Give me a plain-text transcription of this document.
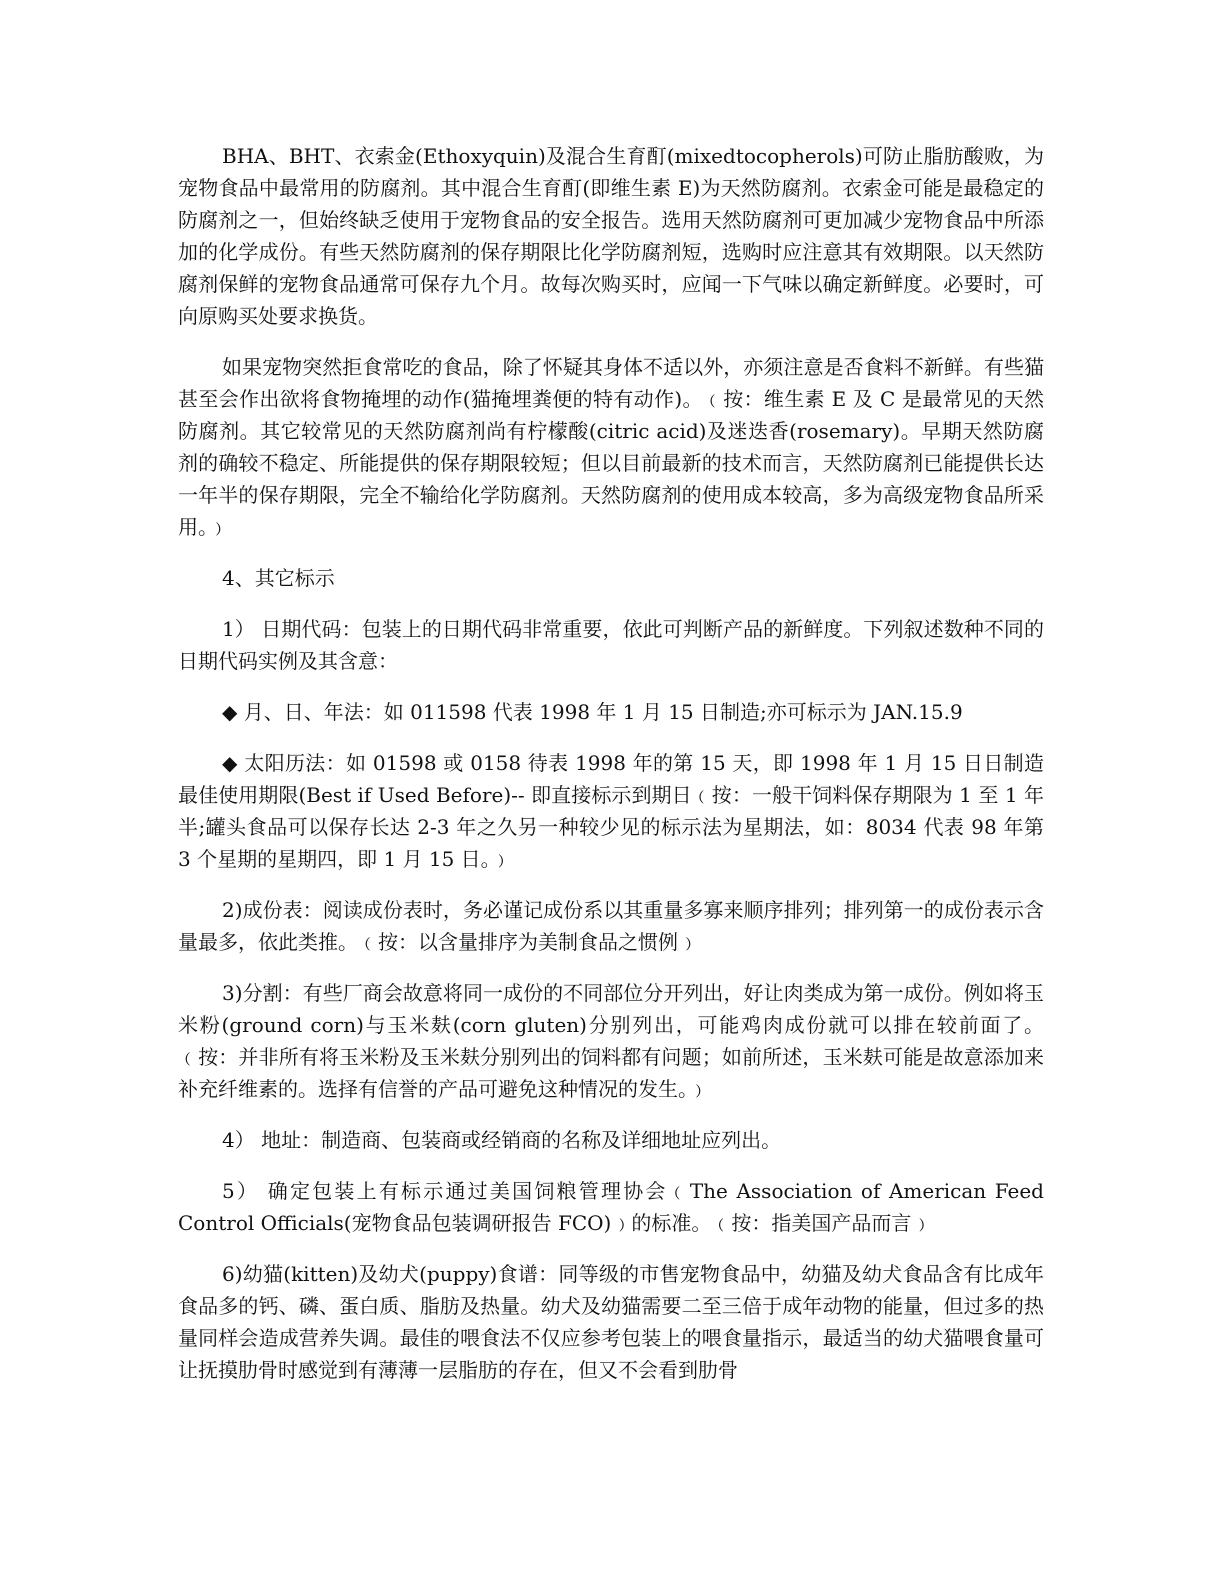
BHA、BHT、衣索金(Ethoxyquin)及混合生育酊(mixedtocopherols)可防止脂肪酸败，为宠物食品中最常用的防腐剂。其中混合生育酊(即维生素 E)为天然防腐剂。衣索金可能是最稳定的防腐剂之一，但始终缺乏使用于宠物食品的安全报告。选用天然防腐剂可更加减少宠物食品中所添加的化学成份。有些天然防腐剂的保存期限比化学防腐剂短，选购时应注意其有效期限。以天然防腐剂保鲜的宠物食品通常可保存九个月。故每次购买时，应闻一下气味以确定新鲜度。必要时，可向原购买处要求换货。

如果宠物突然拒食常吃的食品，除了怀疑其身体不适以外，亦须注意是否食料不新鲜。有些猫甚至会作出欲将食物掩埋的动作(猫掩埋粪便的特有动作)。﹙按：维生素 E 及 C 是最常见的天然防腐剂。其它较常见的天然防腐剂尚有柠檬酸(citric acid)及迷迭香(rosemary)。早期天然防腐剂的确较不稳定、所能提供的保存期限较短；但以目前最新的技术而言，天然防腐剂已能提供长达一年半的保存期限，完全不输给化学防腐剂。天然防腐剂的使用成本较高，多为高级宠物食品所采用。﹚

4、其它标示

1） 日期代码：包装上的日期代码非常重要，依此可判断产品的新鲜度。下列叙述数种不同的日期代码实例及其含意：

◆ 月、日、年法：如 011598 代表 1998 年 1 月 15 日制造;亦可标示为 JAN.15.9

◆ 太阳历法：如 01598 或 0158 待表 1998 年的第 15 天，即 1998 年 1 月 15 日日制造最佳使用期限(Best if Used Before)-- 即直接标示到期日﹙按：一般干饲料保存期限为 1 至 1 年半;罐头食品可以保存长达 2-3 年之久另一种较少见的标示法为星期法，如：8034 代表 98 年第 3 个星期的星期四，即 1 月 15 日。﹚

2)成份表：阅读成份表时，务必谨记成份系以其重量多寡来顺序排列；排列第一的成份表示含量最多，依此类推。﹙按：以含量排序为美制食品之惯例﹚

3)分割：有些厂商会故意将同一成份的不同部位分开列出，好让肉类成为第一成份。例如将玉米粉(ground corn)与玉米麸(corn gluten)分别列出，可能鸡肉成份就可以排在较前面了。﹙按：并非所有将玉米粉及玉米麸分别列出的饲料都有问题；如前所述，玉米麸可能是故意添加来补充纤维素的。选择有信誉的产品可避免这种情况的发生。﹚

4） 地址：制造商、包装商或经销商的名称及详细地址应列出。

5） 确定包装上有标示通过美国饲粮管理协会﹙The Association of American Feed Control Officials(宠物食品包装调研报告 FCO)﹚的标准。﹙按：指美国产品而言﹚

6)幼猫(kitten)及幼犬(puppy)食谱：同等级的市售宠物食品中，幼猫及幼犬食品含有比成年食品多的钙、磷、蛋白质、脂肪及热量。幼犬及幼猫需要二至三倍于成年动物的能量，但过多的热量同样会造成营养失调。最佳的喂食法不仅应参考包装上的喂食量指示，最适当的幼犬猫喂食量可让抚摸肋骨时感觉到有薄薄一层脂肪的存在，但又不会看到肋骨
